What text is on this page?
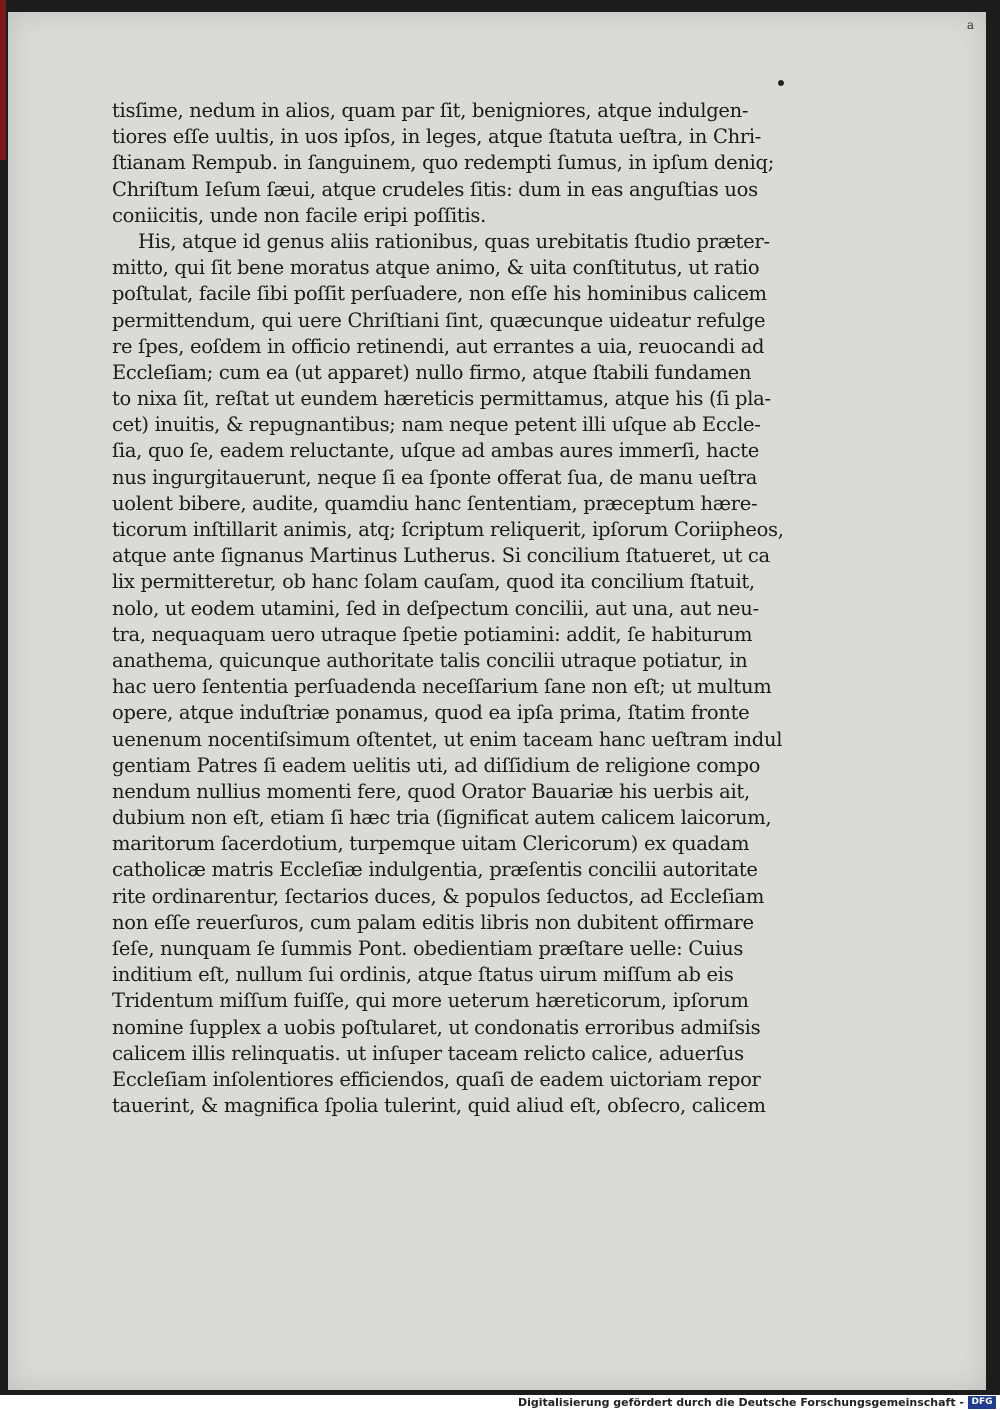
a
tisſime, nedum in alios, quam par ſit, benigniores, atque indulgen-
tiores eſſe uultis, in uos ipſos, in leges, atque ſtatuta ueſtra, in Chri-
ſtianam Rempub. in ſanguinem, quo redempti ſumus, in ipſum deniq;
Chriſtum Ieſum ſæui, atque crudeles ſitis: dum in eas anguſtias uos
coniicitis, unde non facile eripi poſſitis.
His, atque id genus aliis rationibus, quas urebitatis ſtudio præter-
mitto, qui ſit bene moratus atque animo, & uita conſtitutus, ut ratio
poſtulat, facile ſibi poſſit perſuadere, non eſſe his hominibus calicem
permittendum, qui uere Chriſtiani ſint, quæcunque uideatur refulge
re ſpes, eoſdem in officio retinendi, aut errantes a uia, reuocandi ad
Eccleſiam; cum ea (ut apparet) nullo firmo, atque ſtabili fundamen
to nixa ſit, reſtat ut eundem hæreticis permittamus, atque his (ſi pla-
cet) inuitis, & repugnantibus; nam neque petent illi uſque ab Eccle-
ſia, quo ſe, eadem reluctante, uſque ad ambas aures immerſi, hacte
nus ingurgitauerunt, neque ſi ea ſponte offerat ſua, de manu ueſtra
uolent bibere, audite, quamdiu hanc ſententiam, præceptum hære-
ticorum inſtillarit animis, atq; ſcriptum reliquerit, ipſorum Coriipheos,
atque ante ſignanus Martinus Lutherus. Si concilium ſtatueret, ut ca
lix permitteretur, ob hanc ſolam cauſam, quod ita concilium ſtatuit,
nolo, ut eodem utamini, ſed in deſpectum concilii, aut una, aut neu-
tra, nequaquam uero utraque ſpetie potiamini: addit, ſe habiturum
anathema, quicunque authoritate talis concilii utraque potiatur, in
hac uero ſententia perſuadenda neceſſarium ſane non eſt; ut multum
opere, atque induſtriæ ponamus, quod ea ipſa prima, ſtatim fronte
uenenum nocentiſsimum oſtentet, ut enim taceam hanc ueſtram indul
gentiam Patres ſi eadem uelitis uti, ad diſſidium de religione compo
nendum nullius momenti fere, quod Orator Bauariæ his uerbis ait,
dubium non eſt, etiam ſi hæc tria (ſignificat autem calicem laicorum,
maritorum ſacerdotium, turpemque uitam Clericorum) ex quadam
catholicæ matris Eccleſiæ indulgentia, præſentis concilii autoritate
rite ordinarentur, ſectarios duces, & populos ſeductos, ad Eccleſiam
non eſſe reuerſuros, cum palam editis libris non dubitent offirmare
ſeſe, nunquam ſe ſummis Pont. obedientiam præſtare uelle: Cuius
inditium eſt, nullum ſui ordinis, atque ſtatus uirum miſſum ab eis
Tridentum miſſum fuiſſe, qui more ueterum hæreticorum, ipſorum
nomine ſupplex a uobis poſtularet, ut condonatis erroribus admiſsis
calicem illis relinquatis. ut inſuper taceam relicto calice, aduerſus
Eccleſiam inſolentiores efficiendos, quaſi de eadem uictoriam repor
tauerint, & magnifica ſpolia tulerint, quid aliud eſt, obſecro, calicem
Digitalisierung gefördert durch die Deutsche Forschungsgemeinschaft - DFG
